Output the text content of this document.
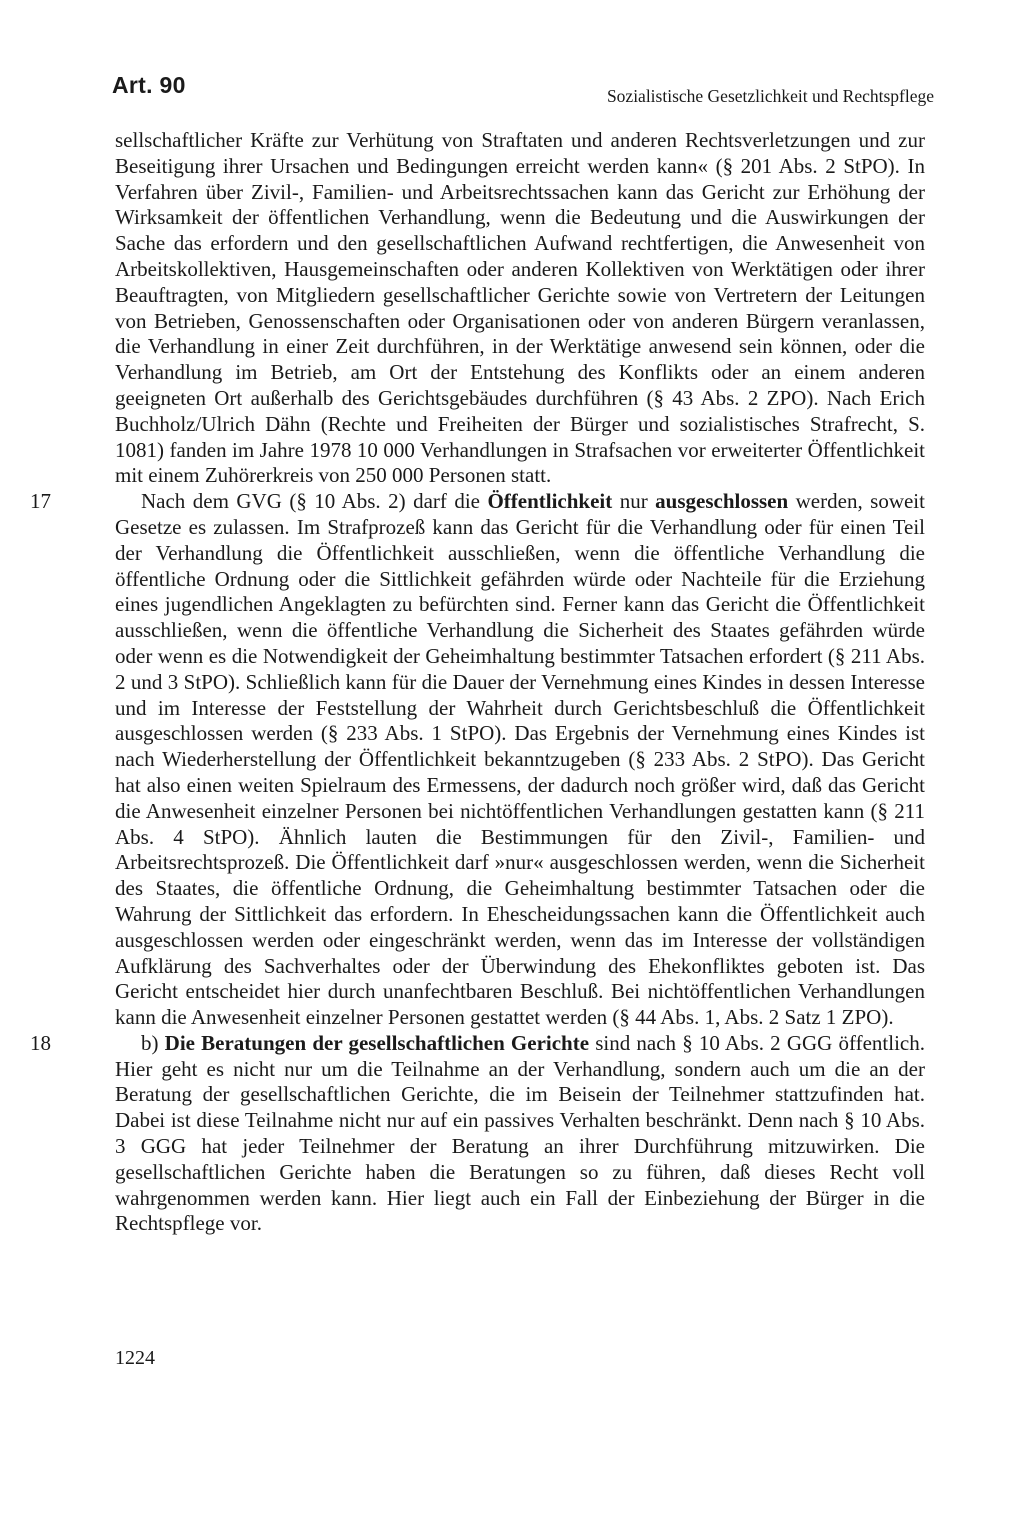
Art. 90	Sozialistische Gesetzlichkeit und Rechtspflege

sellschaftlicher Kräfte zur Verhütung von Straftaten und anderen Rechtsverletzungen und zur Beseitigung ihrer Ursachen und Bedingungen erreicht werden kann« (§ 201 Abs. 2 StPO). In Verfahren über Zivil-, Familien- und Arbeitsrechtssachen kann das Gericht zur Erhöhung der Wirksamkeit der öffentlichen Verhandlung, wenn die Bedeutung und die Auswirkungen der Sache das erfordern und den gesellschaftlichen Aufwand rechtfertigen, die Anwesenheit von Arbeitskollektiven, Hausgemeinschaften oder anderen Kollektiven von Werktätigen oder ihrer Beauftragten, von Mitgliedern gesellschaftlicher Gerichte sowie von Vertretern der Leitungen von Betrieben, Genossenschaften oder Organisationen oder von anderen Bürgern veranlassen, die Verhandlung in einer Zeit durchführen, in der Werktätige anwesend sein können, oder die Verhandlung im Betrieb, am Ort der Entstehung des Konflikts oder an einem anderen geeigneten Ort außerhalb des Gerichtsgebäudes durchführen (§ 43 Abs. 2 ZPO). Nach Erich Buchholz/Ulrich Dähn (Rechte und Freiheiten der Bürger und sozialistisches Strafrecht, S. 1081) fanden im Jahre 1978 10 000 Verhandlungen in Strafsachen vor erweiterter Öffentlichkeit mit einem Zuhörerkreis von 250 000 Personen statt.

17	Nach dem GVG (§ 10 Abs. 2) darf die Öffentlichkeit nur ausgeschlossen werden, soweit Gesetze es zulassen. Im Strafprozeß kann das Gericht für die Verhandlung oder für einen Teil der Verhandlung die Öffentlichkeit ausschließen, wenn die öffentliche Verhandlung die öffentliche Ordnung oder die Sittlichkeit gefährden würde oder Nachteile für die Erziehung eines jugendlichen Angeklagten zu befürchten sind. Ferner kann das Gericht die Öffentlichkeit ausschließen, wenn die öffentliche Verhandlung die Sicherheit des Staates gefährden würde oder wenn es die Notwendigkeit der Geheimhaltung bestimmter Tatsachen erfordert (§ 211 Abs. 2 und 3 StPO). Schließlich kann für die Dauer der Vernehmung eines Kindes in dessen Interesse und im Interesse der Feststellung der Wahrheit durch Gerichtsbeschluß die Öffentlichkeit ausgeschlossen werden (§ 233 Abs. 1 StPO). Das Ergebnis der Vernehmung eines Kindes ist nach Wiederherstellung der Öffentlichkeit bekanntzugeben (§ 233 Abs. 2 StPO). Das Gericht hat also einen weiten Spielraum des Ermessens, der dadurch noch größer wird, daß das Gericht die Anwesenheit einzelner Personen bei nichtöffentlichen Verhandlungen gestatten kann (§ 211 Abs. 4 StPO). Ähnlich lauten die Bestimmungen für den Zivil-, Familien- und Arbeitsrechtsprozeß. Die Öffentlichkeit darf »nur« ausgeschlossen werden, wenn die Sicherheit des Staates, die öffentliche Ordnung, die Geheimhaltung bestimmter Tatsachen oder die Wahrung der Sittlichkeit das erfordern. In Ehescheidungssachen kann die Öffentlichkeit auch ausgeschlossen werden oder eingeschränkt werden, wenn das im Interesse der vollständigen Aufklärung des Sachverhaltes oder der Überwindung des Ehekonfliktes geboten ist. Das Gericht entscheidet hier durch unanfechtbaren Beschluß. Bei nichtöffentlichen Verhandlungen kann die Anwesenheit einzelner Personen gestattet werden (§ 44 Abs. 1, Abs. 2 Satz 1 ZPO).

18	b) Die Beratungen der gesellschaftlichen Gerichte sind nach § 10 Abs. 2 GGG öffentlich. Hier geht es nicht nur um die Teilnahme an der Verhandlung, sondern auch um die an der Beratung der gesellschaftlichen Gerichte, die im Beisein der Teilnehmer stattzufinden hat. Dabei ist diese Teilnahme nicht nur auf ein passives Verhalten beschränkt. Denn nach § 10 Abs. 3 GGG hat jeder Teilnehmer der Beratung an ihrer Durchführung mitzuwirken. Die gesellschaftlichen Gerichte haben die Beratungen so zu führen, daß dieses Recht voll wahrgenommen werden kann. Hier liegt auch ein Fall der Einbeziehung der Bürger in die Rechtspflege vor.

1224
